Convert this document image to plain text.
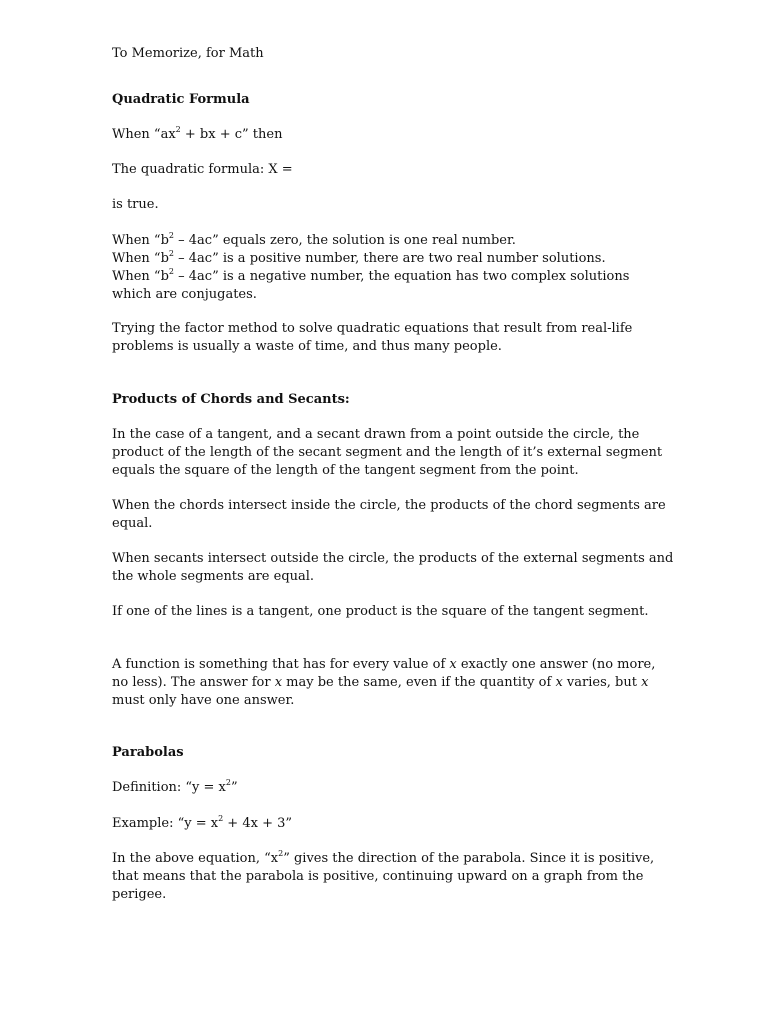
To Memorize, for Math
Quadratic Formula
When “$ax^2$ + bx + c” then
The quadratic formula: X =
is true.
When “$b^2 - 4ac$” equals zero, the solution is one real number.
When “$b^2 - 4ac$” is a positive number, there are two real number solutions.
When “$b^2 - 4ac$” is a negative number, the equation has two complex solutions
which are conjugates.
Trying the factor method to solve quadratic equations that result from real-life
problems is usually a waste of time, and thus many people.
Products of Chords and Secants:
In the case of a tangent, and a secant drawn from a point outside the circle, the
product of the length of the secant segment and the length of it’s external segment
equals the square of the length of the tangent segment from the point.
When the chords intersect inside the circle, the products of the chord segments are
equal.
When secants intersect outside the circle, the products of the external segments and
the whole segments are equal.
If one of the lines is a tangent, one product is the square of the tangent segment.
A function is something that has for every value of x exactly one answer (no more,
no less). The answer for x may be the same, even if the quantity of x varies, but x
must only have one answer.
Parabolas
Definition: “$y = x^2$”
Example: “$y = x^2 + 4x + 3$”
In the above equation, “$x^2$” gives the direction of the parabola. Since it is positive,
that means that the parabola is positive, continuing upward on a graph from the
perigee.
